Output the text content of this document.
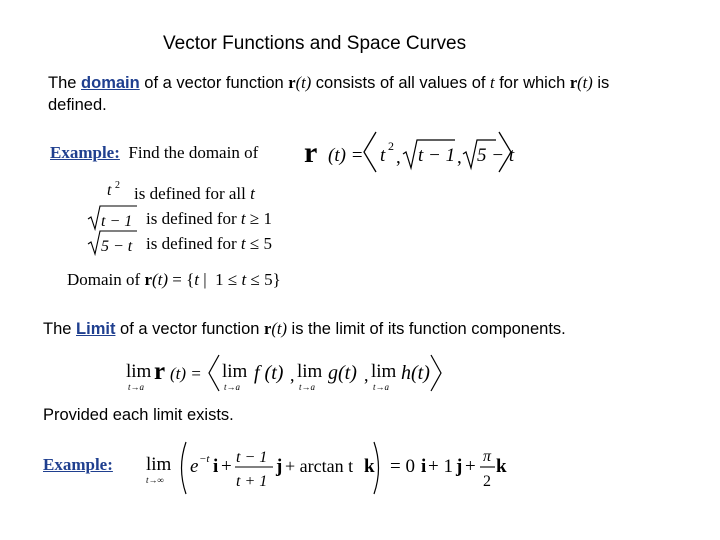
Vector Functions and Space Curves
The domain of a vector function r(t) consists of all values of t for which r(t) is
defined.
Example:  Find the domain of r (t) = t 2
, t − 1 , 5 − t
t 2
t − 1
5 − t
is defined for all t
is defined for t ≥ 1
is defined for t ≤ 5
Domain of r(t) = {t |  1 ≤ t ≤ 5}
The Limit of a vector function r(t) is the limit of its function components.
lim
t→a
r (t) = lim
t→a
f (t) , lim
t→a
g(t) , lim
t→a
h(t)
Provided each limit exists.
Example: lim
t→∞
e −t i + t − 1
t + 1
j + arctan t k = 0 i + 1 j + π
2
k
